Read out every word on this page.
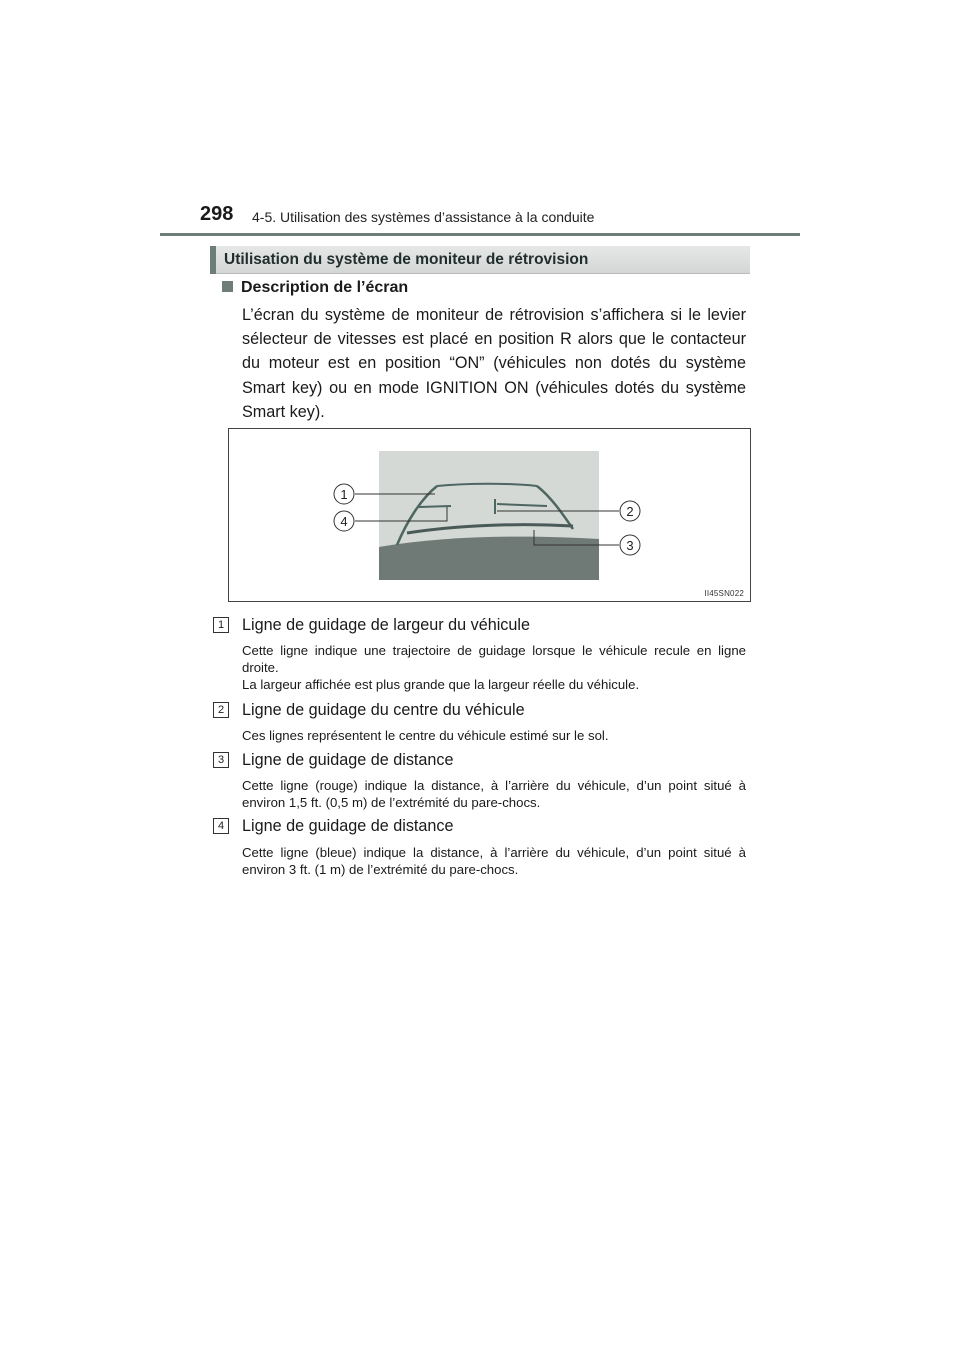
298 4-5. Utilisation des systèmes d’assistance à la conduite
Utilisation du système de moniteur de rétrovision
Description de l’écran

L’écran du système de moniteur de rétrovision s’affichera si le levier sélecteur de vitesses est placé en position R alors que le contacteur du moteur est en position “ON” (véhicules non dotés du système Smart key) ou en mode IGNITION ON (véhicules dotés du système Smart key).

1
4
2
3
II45SN022
1	Ligne de guidage de largeur du véhicule

Cette ligne indique une trajectoire de guidage lorsque le véhicule recule en ligne droite.

La largeur affichée est plus grande que la largeur réelle du véhicule.

2	Ligne de guidage du centre du véhicule

Ces lignes représentent le centre du véhicule estimé sur le sol.

3	Ligne de guidage de distance

Cette ligne (rouge) indique la distance, à l’arrière du véhicule, d’un point situé à environ 1,5 ft. (0,5 m) de l’extrémité du pare-chocs.

4	Ligne de guidage de distance

Cette ligne (bleue) indique la distance, à l’arrière du véhicule, d’un point situé à environ 3 ft. (1 m) de l’extrémité du pare-chocs.
